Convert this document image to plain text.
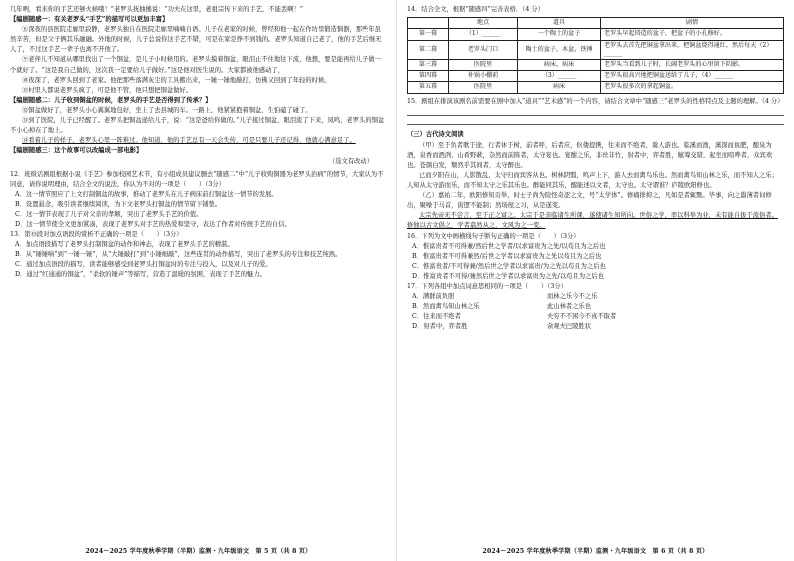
几年咧，看来你的手艺还够火候哦！”老罗头抚抽搐说：“功夫在这里，老祖宗传下来的手艺，不能丢啊！”

【编剧随感一：有关老罗头“手艺”的描写可以更加丰富】

⑧深夜的县医院走廊里寂静，老罗头独自在医院走廊里喃喃自语。儿子在老家的时候，曾经和他一起在作坊里锻造铜器，那些年虽然辛苦，但是父子俩其乐融融。外地的时候，儿子总说你这手艺不错，可是在家是挣不到钱的。老罗头知道自己老了，他的手艺后继无人了，不过这手艺一辈子也离不开他了。

⑨老伴儿不知道从哪里找出了一个铜盆，是儿子小时候用的。老罗头摸着铜盆，眼泪止不住地往下流，他想，要是能再给儿子做一个就好了。“这是我自己做的，这次我一定要给儿子做好。”这是他对医生说的。大家都被他感动了，

⑩夜深了，老罗头回到了老家。他把那些落满灰尘的工具搬出来，一锤一锤地敲打，仿佛又回到了年轻的时候。

⑪村里人都说老罗头疯了，可是他不管，他只想把铜盆做好。

【编剧随感二：儿子收到铜盆的时候，老罗头的手艺是否得到了传承？】

⑫铜盆做好了，老罗头小心翼翼地包好，坐上了去县城的车。一路上，他紧紧抱着铜盆，生怕磕了碰了。

⑬到了医院，儿子已经醒了。老罗头把铜盆递给儿子，说：“这是爸给你做的。”儿子接过铜盆，眼泪流了下来，凤鸣，老罗头的铜盆不小心掉在了地上。

⑭看着儿子的样子，老罗头心里一阵难过。他知道，他的手艺总有一天会失传，可是只要儿子还记得，他就心满意足了。

【编剧随感三：这个故事可以改编成一部电影】

（选文有改动）

12．班级话剧组根据小说《手艺》参加校园艺术节，有小组成员建议删去“随感二”中“儿子收购铜器为老罗头治病”的情节，大家认为不同意，请你说明理由，结合全文的说法，你认为不对的一项是（　　）（3分）

A．这一情节照应了上文打制铜盆的故事，推动了老罗头在儿子病床前打铜盆这一情节的发展。

B．设置悬念，吸引读者继续阅读，为下文老罗头打铜盆的情节留下铺垫。

C．这一情节表现了儿子对父亲的孝顺，突出了老罗头手艺的价值。

D．这一情节使全文更加紧凑，表现了老罗头对手艺的热爱和坚守，表达了作者对传统手艺的自信。

13．第⑩段对加点语段的赏析不正确的一项是（　　）（3分）

A．加点语段描写了老罗头打制铜盆的动作和神态，表现了老罗头手艺的精湛。

B．从“锤锤响”到“一锤一锤”，从“大锤敲打”到“小锤细敲”，这些连贯的动作描写，突出了老罗头的专注和技艺纯熟。

C．通过加点语段的描写，读者能够感受到老罗头打铜盆时的专注与投入，以及对儿子的爱。

D．通过“红通通的铜盆”，“柔软的锤声”等描写，营造了温暖的氛围，表现了手艺的魅力。

2024～2025 学年度秋季学期（半期）监测・九年级语文　第 5 页（共 8 页）

14．结合全文，根据“随感四”完善表格．（4 分）

	地点	道具	剧情
第一幕	（1）______	一个陶土的盆子	老罗头早起铸造的盆子，把盆子的小孔修好。
第二幕	老罗头门口	陶土的盆子，木盆，铁锤	老罗头去首先把铜盆拿出来，把铜盆烧得通红，然后每天（2）______
第三幕	医院里	病床，病床	老罗头当看到儿子时，长阔老罗头的心里留下阴影。
第四幕	补锅小棚前	（3）______	老罗头很高兴地把铜盆送给了儿子，（4）______
第五幕	医院里	病床	老罗头很多次的拿起铜盆。

15．剧组在排演该剧名前需要在剧中加入“道具”“艺术感”的一个内容，请结合文章中“随感三”老罗头的性格特点及主题的理解。（4 分）

（三）古代诗文阅读

（甲）至于负者歌于途，行者休于树，前者呼，后者应，伛偻提携，往来而不绝者，滁人游也。临溪而渔，溪深而鱼肥，酿泉为酒，泉香而酒洌，山肴野蔌，杂然而前陈者，太守宴也。宴酣之乐，非丝非竹，射者中，弈者胜，觥筹交错，起坐而喧哗者，众宾欢也。苍颜白发，颓然乎其间者，太守醉也。

已而夕阳在山，人影散乱，太守归而宾客从也。树林阴翳，鸣声上下，游人去而禽鸟乐也。然而禽鸟知山林之乐，而不知人之乐；人知从太守游而乐，而不知太守之乐其乐也。醉能同其乐，醒能述以文者，太守也。太守谓谁？庐陵欧阳修也。

（乙）嘉祐二年，欧阳修知贡举，时士子尚为险怪奇涩之文，号“太学体”。修痛排抑之，凡如是者辄黜。毕事，向之嚣薄者伺修出，聚噪于马首，街逻不能制；然场屋之习，从是遂变。

太宗先帝无不尝言，至于正之富之。太宗于是亲临诸生所课，遂使诸生知所向。世俗之学，率以科举为业，未有能自拔于流俗者。修独以古文倡之，学者翕然从之，文风为之一变。

16．下列为文中画横线句子断句正确的一项是（　　）（3分）

A．惟富贵者不可得兼/然后世之学者/以求富贵为之先/以苟且为之后也

B．惟富贵者不可得兼然/后世之学者以求富贵为之先以苟且为之后也

C．惟富贵者/不可得兼/然后世之学者以求富贵/为之先以苟且为之后也

D．惟富贵者不可得/兼然后世之学者以求富贵为之先/以苟且为之后也

17．下列各组中加点词意思相同的一项是（　　）（3分）

A．满群前负胆	而林之乐今不之乐
B．然而禽鸟知山林之乐	此山林者之乐也
C．往来而不绝者	夫穷不不困今不真不取者
D．射者中，弈者胜	余观夫巴陵胜状
2024～2025 学年度秋季学期（半期）监测・九年级语文　第 6 页（共 8 页）
